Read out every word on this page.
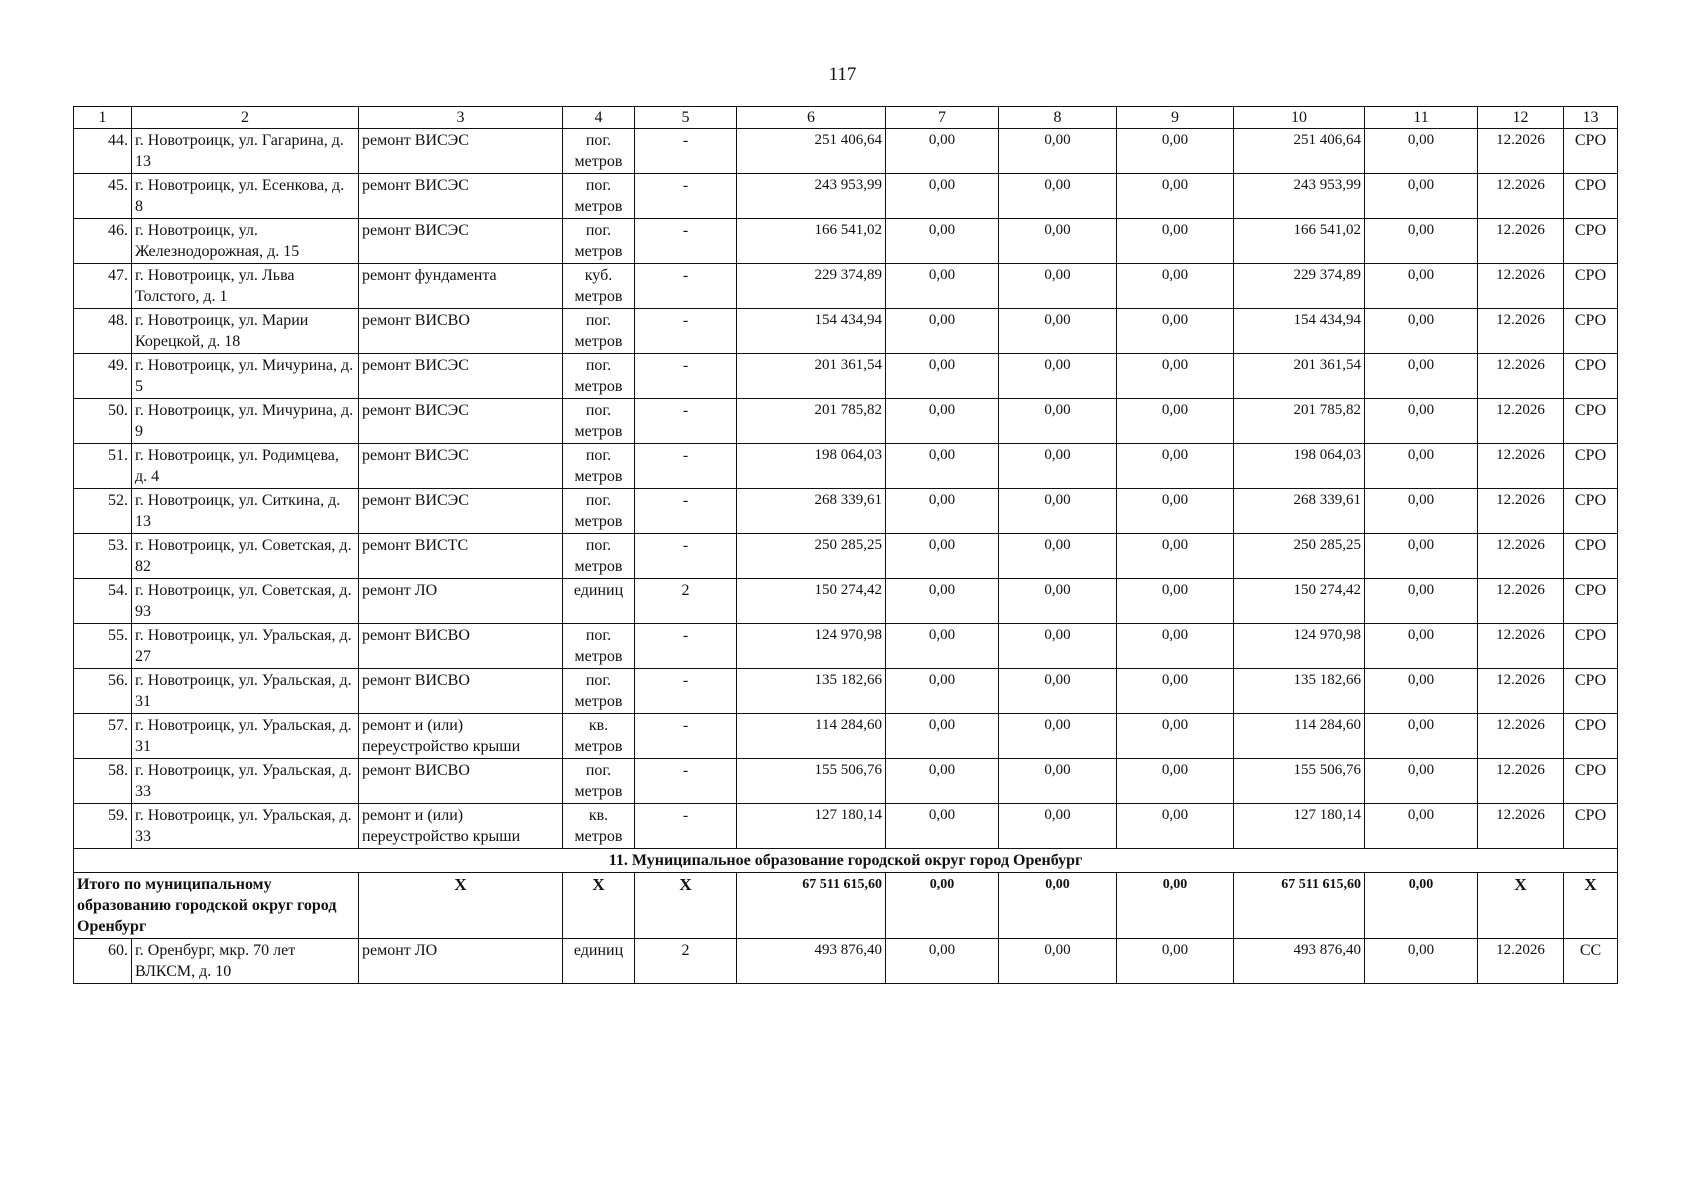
117
1	2	3	4	5	6	7	8	9	10	11	12	13
44.	г. Новотроицк, ул. Гагарина, д. 13	ремонт ВИСЭС	пог. метров	-	251 406,64	0,00	0,00	0,00	251 406,64	0,00	12.2026	СРО
45.	г. Новотроицк, ул. Есенкова, д. 8	ремонт ВИСЭС	пог. метров	-	243 953,99	0,00	0,00	0,00	243 953,99	0,00	12.2026	СРО
46.	г. Новотроицк, ул. Железнодорожная, д. 15	ремонт ВИСЭС	пог. метров	-	166 541,02	0,00	0,00	0,00	166 541,02	0,00	12.2026	СРО
47.	г. Новотроицк, ул. Льва Толстого, д. 1	ремонт фундамента	куб. метров	-	229 374,89	0,00	0,00	0,00	229 374,89	0,00	12.2026	СРО
48.	г. Новотроицк, ул. Марии Корецкой, д. 18	ремонт ВИСВО	пог. метров	-	154 434,94	0,00	0,00	0,00	154 434,94	0,00	12.2026	СРО
49.	г. Новотроицк, ул. Мичурина, д. 5	ремонт ВИСЭС	пог. метров	-	201 361,54	0,00	0,00	0,00	201 361,54	0,00	12.2026	СРО
50.	г. Новотроицк, ул. Мичурина, д. 9	ремонт ВИСЭС	пог. метров	-	201 785,82	0,00	0,00	0,00	201 785,82	0,00	12.2026	СРО
51.	г. Новотроицк, ул. Родимцева, д. 4	ремонт ВИСЭС	пог. метров	-	198 064,03	0,00	0,00	0,00	198 064,03	0,00	12.2026	СРО
52.	г. Новотроицк, ул. Ситкина, д. 13	ремонт ВИСЭС	пог. метров	-	268 339,61	0,00	0,00	0,00	268 339,61	0,00	12.2026	СРО
53.	г. Новотроицк, ул. Советская, д. 82	ремонт ВИСТС	пог. метров	-	250 285,25	0,00	0,00	0,00	250 285,25	0,00	12.2026	СРО
54.	г. Новотроицк, ул. Советская, д. 93	ремонт ЛО	единиц	2	150 274,42	0,00	0,00	0,00	150 274,42	0,00	12.2026	СРО
55.	г. Новотроицк, ул. Уральская, д. 27	ремонт ВИСВО	пог. метров	-	124 970,98	0,00	0,00	0,00	124 970,98	0,00	12.2026	СРО
56.	г. Новотроицк, ул. Уральская, д. 31	ремонт ВИСВО	пог. метров	-	135 182,66	0,00	0,00	0,00	135 182,66	0,00	12.2026	СРО
57.	г. Новотроицк, ул. Уральская, д. 31	ремонт и (или) переустройство крыши	кв. метров	-	114 284,60	0,00	0,00	0,00	114 284,60	0,00	12.2026	СРО
58.	г. Новотроицк, ул. Уральская, д. 33	ремонт ВИСВО	пог. метров	-	155 506,76	0,00	0,00	0,00	155 506,76	0,00	12.2026	СРО
59.	г. Новотроицк, ул. Уральская, д. 33	ремонт и (или) переустройство крыши	кв. метров	-	127 180,14	0,00	0,00	0,00	127 180,14	0,00	12.2026	СРО
11. Муниципальное образование городской округ город Оренбург												
Итого по муниципальному образованию городской округ город Оренбург		X	X	X	67 511 615,60	0,00	0,00	0,00	67 511 615,60	0,00	X	X
60.	г. Оренбург, мкр. 70 лет ВЛКСМ, д. 10	ремонт ЛО	единиц	2	493 876,40	0,00	0,00	0,00	493 876,40	0,00	12.2026	СС
